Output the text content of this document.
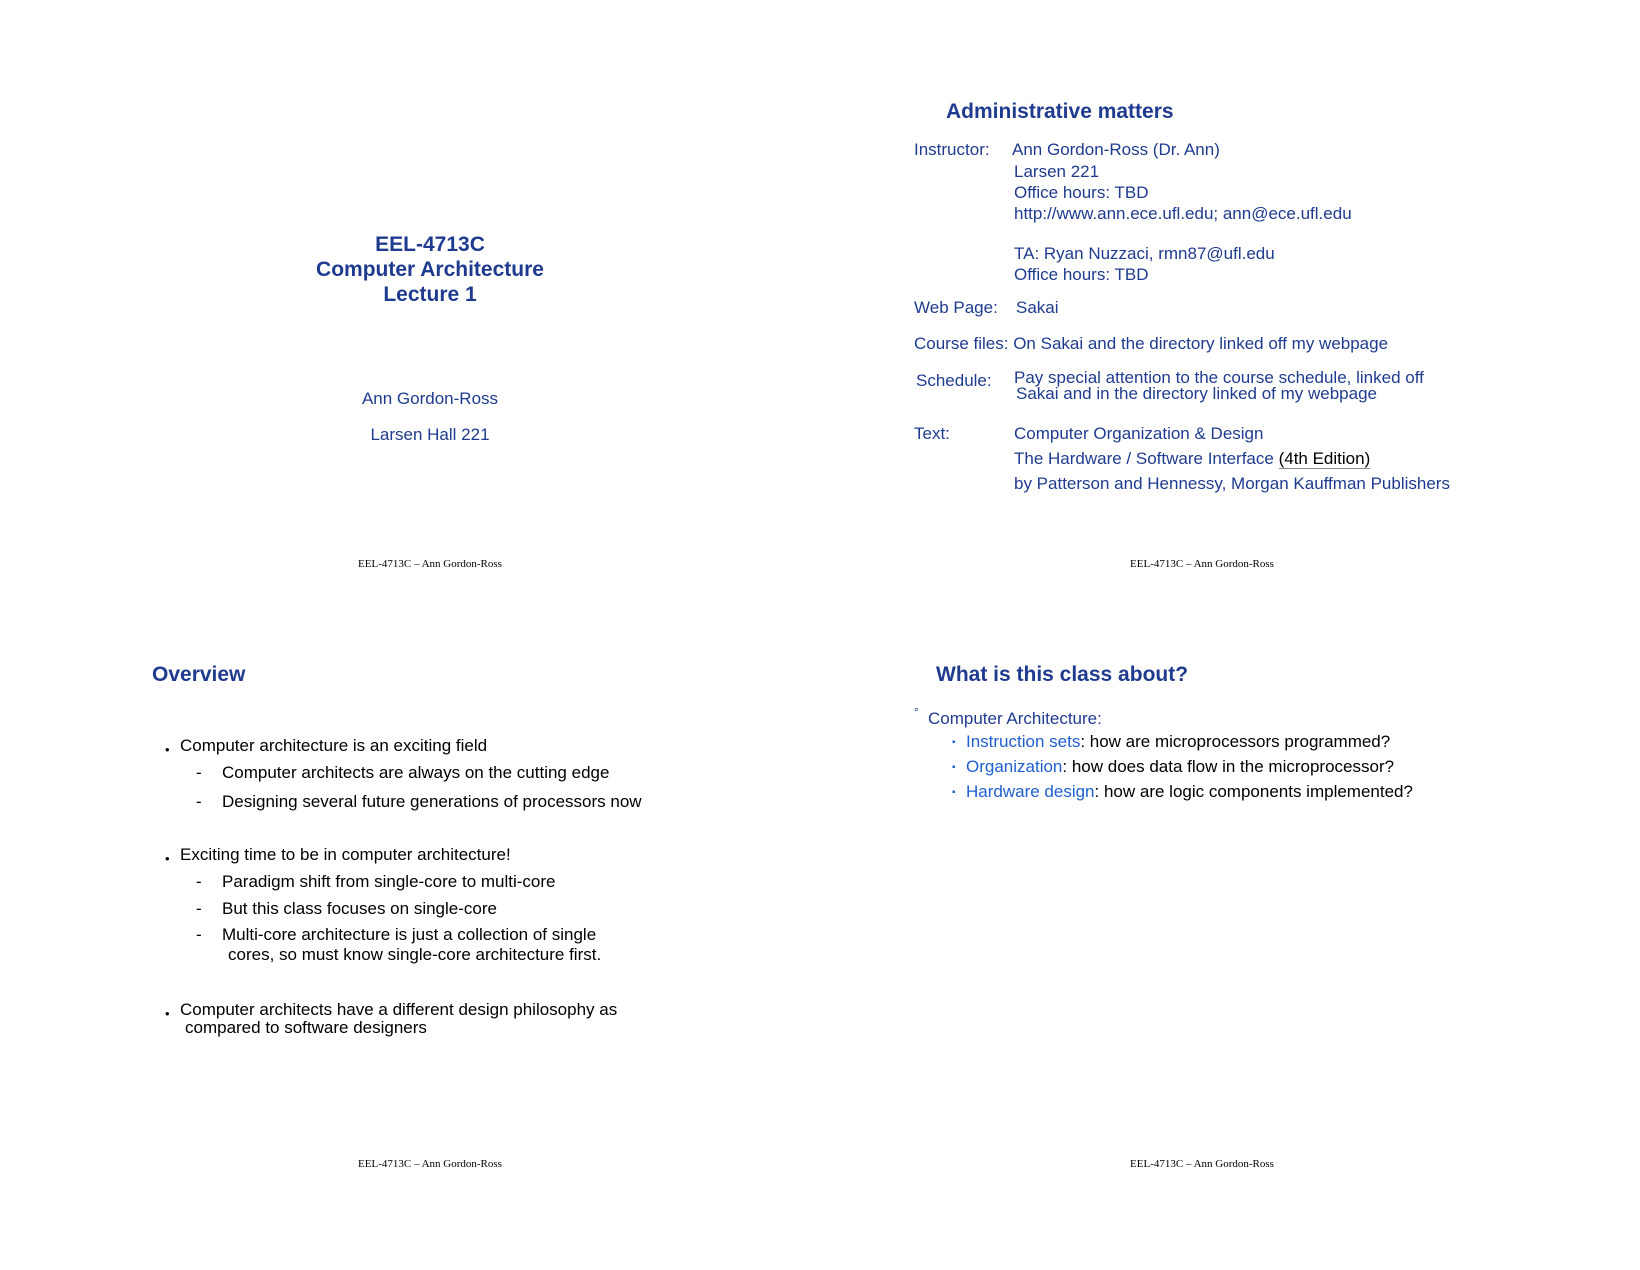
EEL-4713C
Computer Architecture
Lecture 1
Ann Gordon-Ross
Larsen Hall 221
EEL-4713C – Ann Gordon-Ross
Administrative matters
Instructor: Ann Gordon-Ross (Dr. Ann)
Larsen 221
Office hours: TBD
http://www.ann.ece.ufl.edu; ann@ece.ufl.edu
TA: Ryan Nuzzaci, rmn87@ufl.edu
Office hours: TBD
Web Page: Sakai
Course files: On Sakai and the directory linked off my webpage
Schedule: Pay special attention to the course schedule, linked off
Sakai and in the directory linked of my webpage
Text:	Computer Organization & Design
The Hardware / Software Interface (4th Edition)
by Patterson and Hennessy, Morgan Kauffman Publishers
EEL-4713C – Ann Gordon-Ross
Overview
• Computer architecture is an exciting field
- Computer architects are always on the cutting edge
- Designing several future generations of processors now
• Exciting time to be in computer architecture!
- Paradigm shift from single-core to multi-core
- But this class focuses on single-core
- Multi-core architecture is just a collection of single
cores, so must know single-core architecture first.
• Computer architects have a different design philosophy as
compared to software designers
EEL-4713C – Ann Gordon-Ross
What is this class about?
° Computer Architecture:
▪ Instruction sets: how are microprocessors programmed?
▪ Organization: how does data flow in the microprocessor?
▪ Hardware design: how are logic components implemented?
EEL-4713C – Ann Gordon-Ross
